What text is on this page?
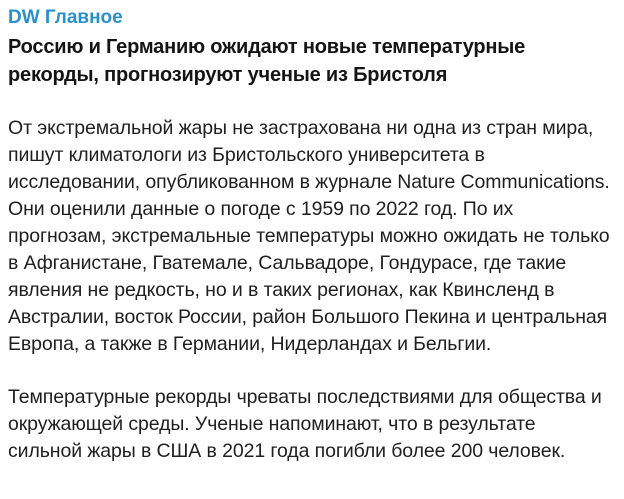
DW Главное
Россию и Германию ожидают новые температурные рекорды, прогнозируют ученые из Бристоля

От экстремальной жары не застрахована ни одна из стран мира, пишут климатологи из Бристольского университета в исследовании, опубликованном в журнале Nature Communications. Они оценили данные о погоде с 1959 по 2022 год. По их прогнозам, экстремальные температуры можно ожидать не только в Афганистане, Гватемале, Сальвадоре, Гондурасе, где такие явления не редкость, но и в таких регионах, как Квинсленд в Австралии, восток России, район Большого Пекина и центральная Европа, а также в Германии, Нидерландах и Бельгии.

Температурные рекорды чреваты последствиями для общества и окружающей среды. Ученые напоминают, что в результате сильной жары в США в 2021 года погибли более 200 человек.
